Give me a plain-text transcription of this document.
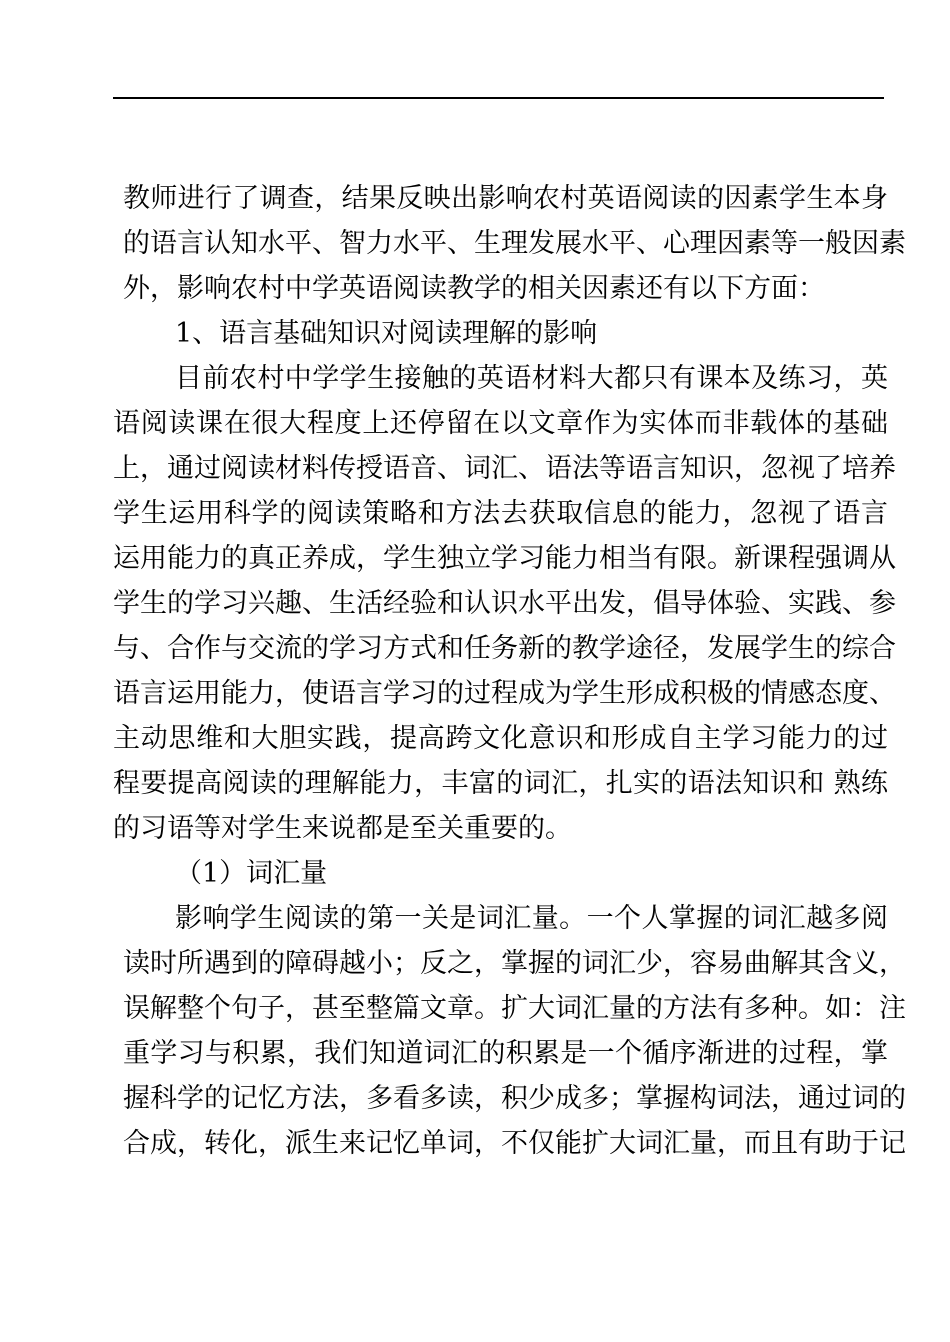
教师进行了调查，结果反映出影响农村英语阅读的因素学生本身
的语言认知水平、智力水平、生理发展水平、心理因素等一般因素
外，影响农村中学英语阅读教学的相关因素还有以下方面：
1、语言基础知识对阅读理解的影响
目前农村中学学生接触的英语材料大都只有课本及练习，英
语阅读课在很大程度上还停留在以文章作为实体而非载体的基础
上，通过阅读材料传授语音、词汇、语法等语言知识，忽视了培养
学生运用科学的阅读策略和方法去获取信息的能力，忽视了语言
运用能力的真正养成，学生独立学习能力相当有限。新课程强调从
学生的学习兴趣、生活经验和认识水平出发，倡导体验、实践、参
与、合作与交流的学习方式和任务新的教学途径，发展学生的综合
语言运用能力，使语言学习的过程成为学生形成积极的情感态度、
主动思维和大胆实践，提高跨文化意识和形成自主学习能力的过
程要提高阅读的理解能力，丰富的词汇，扎实的语法知识和 熟练
的习语等对学生来说都是至关重要的。
（1）词汇量
影响学生阅读的第一关是词汇量。一个人掌握的词汇越多阅
读时所遇到的障碍越小；反之，掌握的词汇少，容易曲解其含义，
误解整个句子，甚至整篇文章。扩大词汇量的方法有多种。如：注
重学习与积累，我们知道词汇的积累是一个循序渐进的过程，掌
握科学的记忆方法，多看多读，积少成多；掌握构词法，通过词的
合成，转化，派生来记忆单词，不仅能扩大词汇量，而且有助于记
